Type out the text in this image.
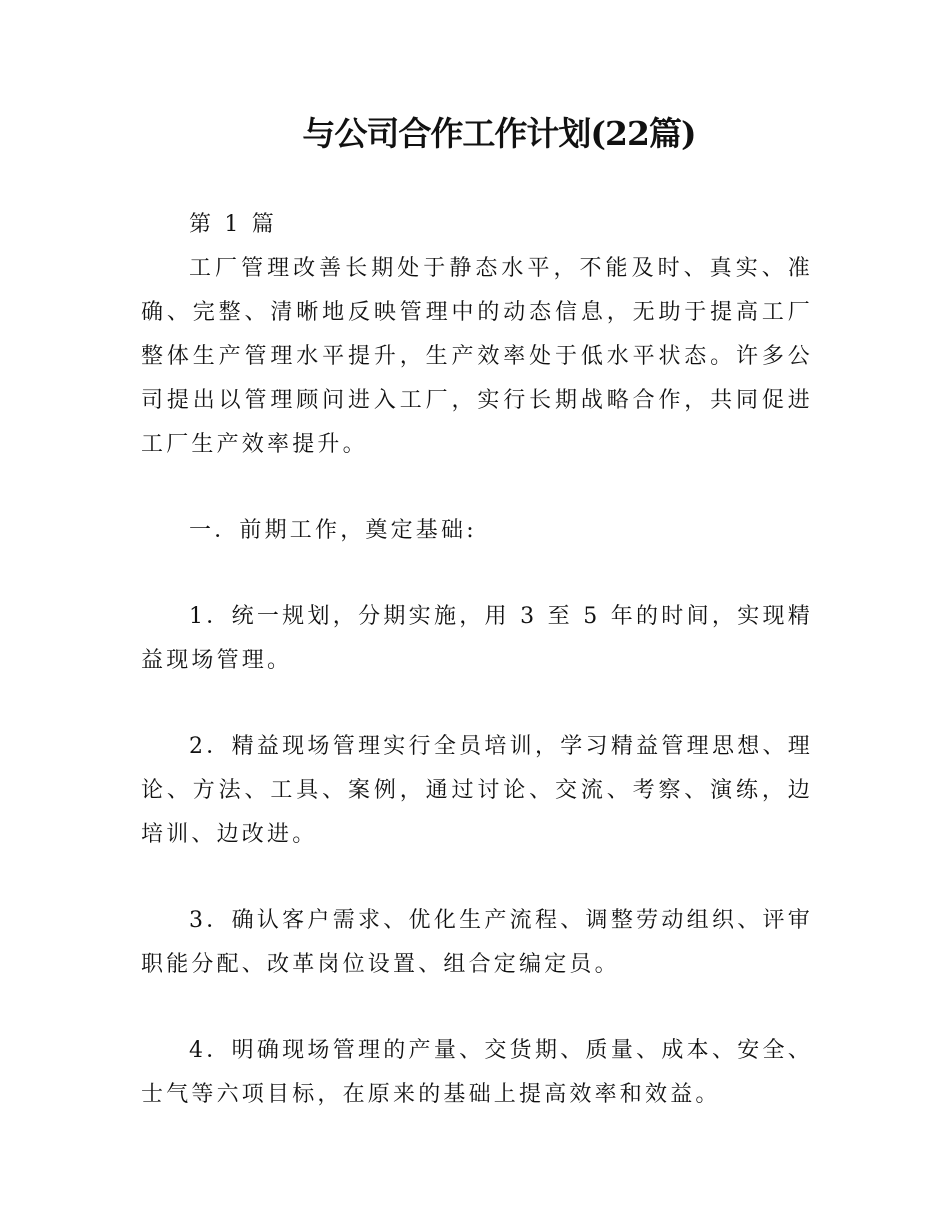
与公司合作工作计划(22篇)

第 1 篇

工厂管理改善长期处于静态水平，不能及时、真实、准确、完整、清晰地反映管理中的动态信息，无助于提高工厂整体生产管理水平提升，生产效率处于低水平状态。许多公司提出以管理顾问进入工厂，实行长期战略合作，共同促进工厂生产效率提升。

一．前期工作，奠定基础:

1．统一规划，分期实施，用 3 至 5 年的时间，实现精益现场管理。

2．精益现场管理实行全员培训，学习精益管理思想、理论、方法、工具、案例，通过讨论、交流、考察、演练，边培训、边改进。

3．确认客户需求、优化生产流程、调整劳动组织、评审职能分配、改革岗位设置、组合定编定员。

4．明确现场管理的产量、交货期、质量、成本、安全、士气等六项目标，在原来的基础上提高效率和效益。
